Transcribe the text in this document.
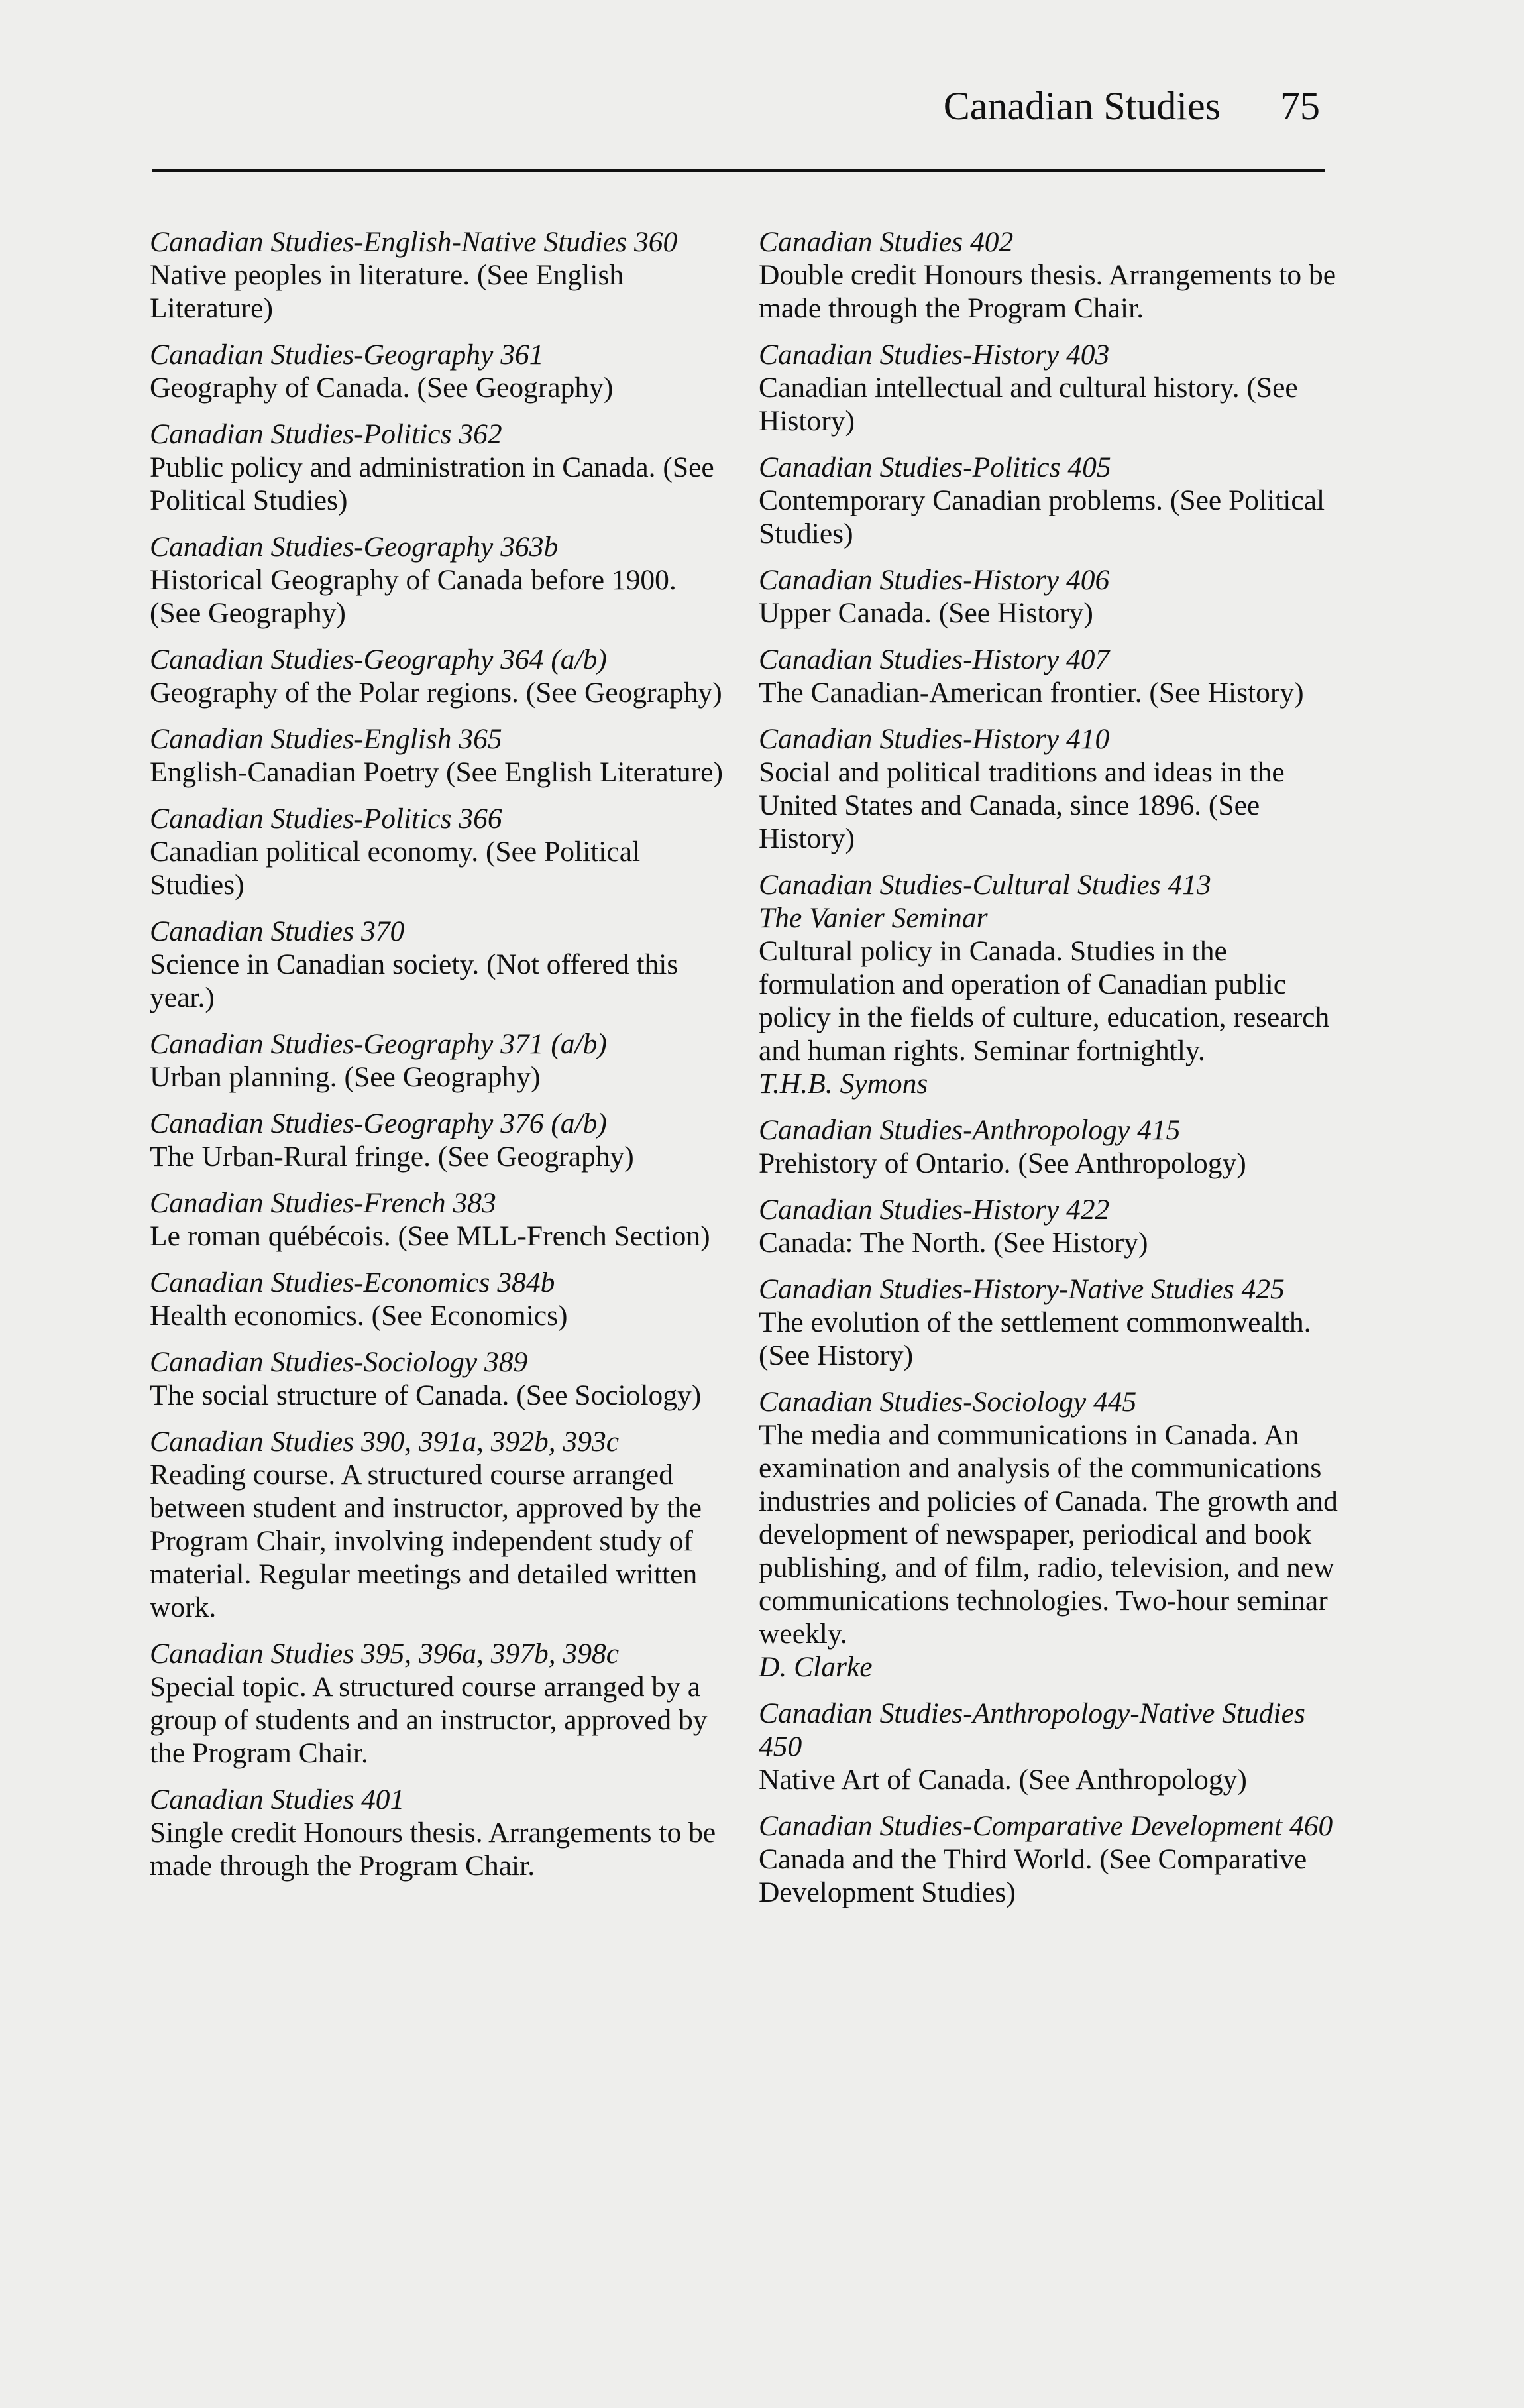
Canadian Studies 75
Canadian Studies-English-Native Studies 360
Native peoples in literature. (See English Literature)
Canadian Studies-Geography 361
Geography of Canada. (See Geography)
Canadian Studies-Politics 362
Public policy and administration in Canada. (See Political Studies)
Canadian Studies-Geography 363b
Historical Geography of Canada before 1900. (See Geography)
Canadian Studies-Geography 364 (a/b)
Geography of the Polar regions. (See Geography)
Canadian Studies-English 365
English-Canadian Poetry (See English Literature)
Canadian Studies-Politics 366
Canadian political economy. (See Political Studies)
Canadian Studies 370
Science in Canadian society. (Not offered this year.)
Canadian Studies-Geography 371 (a/b)
Urban planning. (See Geography)
Canadian Studies-Geography 376 (a/b)
The Urban-Rural fringe. (See Geography)
Canadian Studies-French 383
Le roman québécois. (See MLL-French Section)
Canadian Studies-Economics 384b
Health economics. (See Economics)
Canadian Studies-Sociology 389
The social structure of Canada. (See Sociology)
Canadian Studies 390, 391a, 392b, 393c
Reading course. A structured course arranged between student and instructor, approved by the Program Chair, involving independent study of material. Regular meetings and detailed written work.
Canadian Studies 395, 396a, 397b, 398c
Special topic. A structured course arranged by a group of students and an instructor, approved by the Program Chair.
Canadian Studies 401
Single credit Honours thesis. Arrangements to be made through the Program Chair.
Canadian Studies 402
Double credit Honours thesis. Arrangements to be made through the Program Chair.
Canadian Studies-History 403
Canadian intellectual and cultural history. (See History)
Canadian Studies-Politics 405
Contemporary Canadian problems. (See Political Studies)
Canadian Studies-History 406
Upper Canada. (See History)
Canadian Studies-History 407
The Canadian-American frontier. (See History)
Canadian Studies-History 410
Social and political traditions and ideas in the United States and Canada, since 1896. (See History)
Canadian Studies-Cultural Studies 413
The Vanier Seminar
Cultural policy in Canada. Studies in the formulation and operation of Canadian public policy in the fields of culture, education, research and human rights. Seminar fortnightly.
T.H.B. Symons
Canadian Studies-Anthropology 415
Prehistory of Ontario. (See Anthropology)
Canadian Studies-History 422
Canada: The North. (See History)
Canadian Studies-History-Native Studies 425
The evolution of the settlement commonwealth. (See History)
Canadian Studies-Sociology 445
The media and communications in Canada. An examination and analysis of the communications industries and policies of Canada. The growth and development of newspaper, periodical and book publishing, and of film, radio, television, and new communications technologies. Two-hour seminar weekly.
D. Clarke
Canadian Studies-Anthropology-Native Studies 450
Native Art of Canada. (See Anthropology)
Canadian Studies-Comparative Development 460
Canada and the Third World. (See Comparative Development Studies)
